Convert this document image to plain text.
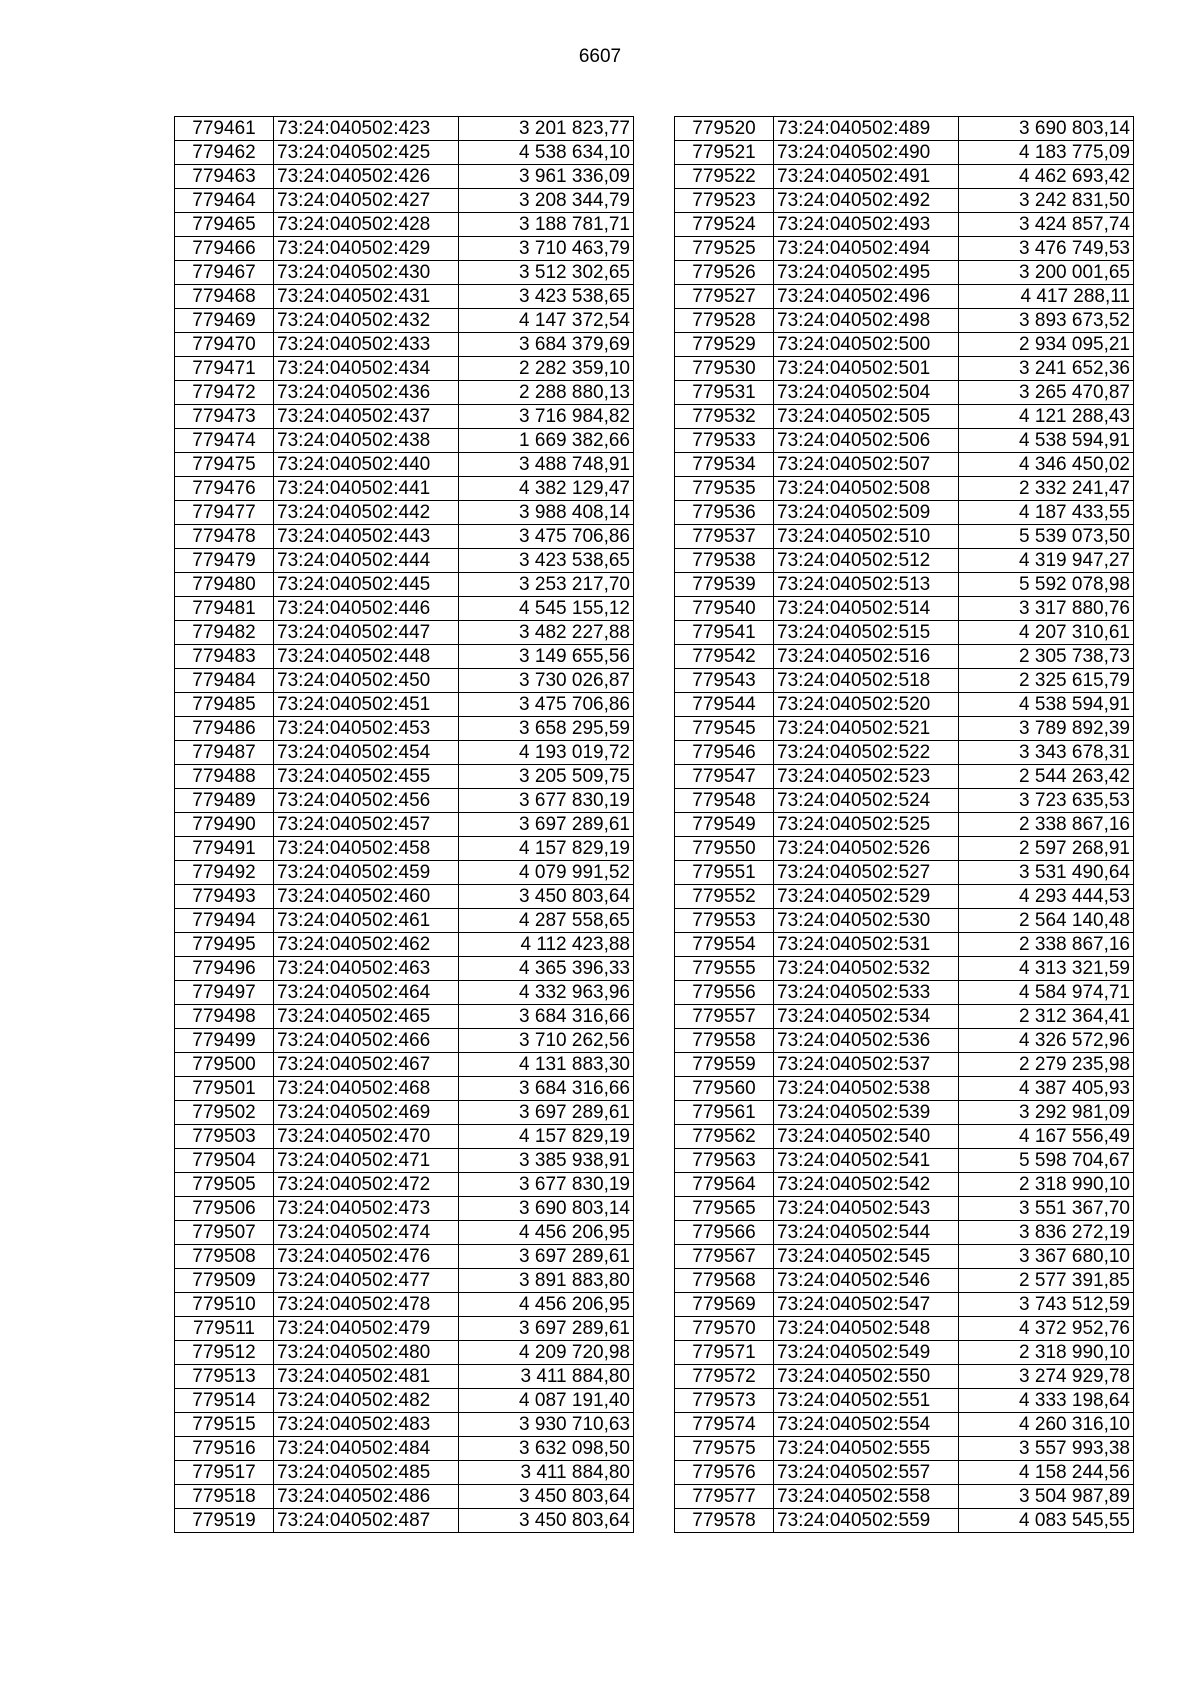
6607
779461	73:24:040502:423	3 201 823,77
779462	73:24:040502:425	4 538 634,10
779463	73:24:040502:426	3 961 336,09
779464	73:24:040502:427	3 208 344,79
779465	73:24:040502:428	3 188 781,71
779466	73:24:040502:429	3 710 463,79
779467	73:24:040502:430	3 512 302,65
779468	73:24:040502:431	3 423 538,65
779469	73:24:040502:432	4 147 372,54
779470	73:24:040502:433	3 684 379,69
779471	73:24:040502:434	2 282 359,10
779472	73:24:040502:436	2 288 880,13
779473	73:24:040502:437	3 716 984,82
779474	73:24:040502:438	1 669 382,66
779475	73:24:040502:440	3 488 748,91
779476	73:24:040502:441	4 382 129,47
779477	73:24:040502:442	3 988 408,14
779478	73:24:040502:443	3 475 706,86
779479	73:24:040502:444	3 423 538,65
779480	73:24:040502:445	3 253 217,70
779481	73:24:040502:446	4 545 155,12
779482	73:24:040502:447	3 482 227,88
779483	73:24:040502:448	3 149 655,56
779484	73:24:040502:450	3 730 026,87
779485	73:24:040502:451	3 475 706,86
779486	73:24:040502:453	3 658 295,59
779487	73:24:040502:454	4 193 019,72
779488	73:24:040502:455	3 205 509,75
779489	73:24:040502:456	3 677 830,19
779490	73:24:040502:457	3 697 289,61
779491	73:24:040502:458	4 157 829,19
779492	73:24:040502:459	4 079 991,52
779493	73:24:040502:460	3 450 803,64
779494	73:24:040502:461	4 287 558,65
779495	73:24:040502:462	4 112 423,88
779496	73:24:040502:463	4 365 396,33
779497	73:24:040502:464	4 332 963,96
779498	73:24:040502:465	3 684 316,66
779499	73:24:040502:466	3 710 262,56
779500	73:24:040502:467	4 131 883,30
779501	73:24:040502:468	3 684 316,66
779502	73:24:040502:469	3 697 289,61
779503	73:24:040502:470	4 157 829,19
779504	73:24:040502:471	3 385 938,91
779505	73:24:040502:472	3 677 830,19
779506	73:24:040502:473	3 690 803,14
779507	73:24:040502:474	4 456 206,95
779508	73:24:040502:476	3 697 289,61
779509	73:24:040502:477	3 891 883,80
779510	73:24:040502:478	4 456 206,95
779511	73:24:040502:479	3 697 289,61
779512	73:24:040502:480	4 209 720,98
779513	73:24:040502:481	3 411 884,80
779514	73:24:040502:482	4 087 191,40
779515	73:24:040502:483	3 930 710,63
779516	73:24:040502:484	3 632 098,50
779517	73:24:040502:485	3 411 884,80
779518	73:24:040502:486	3 450 803,64
779519	73:24:040502:487	3 450 803,64
779520	73:24:040502:489	3 690 803,14
779521	73:24:040502:490	4 183 775,09
779522	73:24:040502:491	4 462 693,42
779523	73:24:040502:492	3 242 831,50
779524	73:24:040502:493	3 424 857,74
779525	73:24:040502:494	3 476 749,53
779526	73:24:040502:495	3 200 001,65
779527	73:24:040502:496	4 417 288,11
779528	73:24:040502:498	3 893 673,52
779529	73:24:040502:500	2 934 095,21
779530	73:24:040502:501	3 241 652,36
779531	73:24:040502:504	3 265 470,87
779532	73:24:040502:505	4 121 288,43
779533	73:24:040502:506	4 538 594,91
779534	73:24:040502:507	4 346 450,02
779535	73:24:040502:508	2 332 241,47
779536	73:24:040502:509	4 187 433,55
779537	73:24:040502:510	5 539 073,50
779538	73:24:040502:512	4 319 947,27
779539	73:24:040502:513	5 592 078,98
779540	73:24:040502:514	3 317 880,76
779541	73:24:040502:515	4 207 310,61
779542	73:24:040502:516	2 305 738,73
779543	73:24:040502:518	2 325 615,79
779544	73:24:040502:520	4 538 594,91
779545	73:24:040502:521	3 789 892,39
779546	73:24:040502:522	3 343 678,31
779547	73:24:040502:523	2 544 263,42
779548	73:24:040502:524	3 723 635,53
779549	73:24:040502:525	2 338 867,16
779550	73:24:040502:526	2 597 268,91
779551	73:24:040502:527	3 531 490,64
779552	73:24:040502:529	4 293 444,53
779553	73:24:040502:530	2 564 140,48
779554	73:24:040502:531	2 338 867,16
779555	73:24:040502:532	4 313 321,59
779556	73:24:040502:533	4 584 974,71
779557	73:24:040502:534	2 312 364,41
779558	73:24:040502:536	4 326 572,96
779559	73:24:040502:537	2 279 235,98
779560	73:24:040502:538	4 387 405,93
779561	73:24:040502:539	3 292 981,09
779562	73:24:040502:540	4 167 556,49
779563	73:24:040502:541	5 598 704,67
779564	73:24:040502:542	2 318 990,10
779565	73:24:040502:543	3 551 367,70
779566	73:24:040502:544	3 836 272,19
779567	73:24:040502:545	3 367 680,10
779568	73:24:040502:546	2 577 391,85
779569	73:24:040502:547	3 743 512,59
779570	73:24:040502:548	4 372 952,76
779571	73:24:040502:549	2 318 990,10
779572	73:24:040502:550	3 274 929,78
779573	73:24:040502:551	4 333 198,64
779574	73:24:040502:554	4 260 316,10
779575	73:24:040502:555	3 557 993,38
779576	73:24:040502:557	4 158 244,56
779577	73:24:040502:558	3 504 987,89
779578	73:24:040502:559	4 083 545,55
